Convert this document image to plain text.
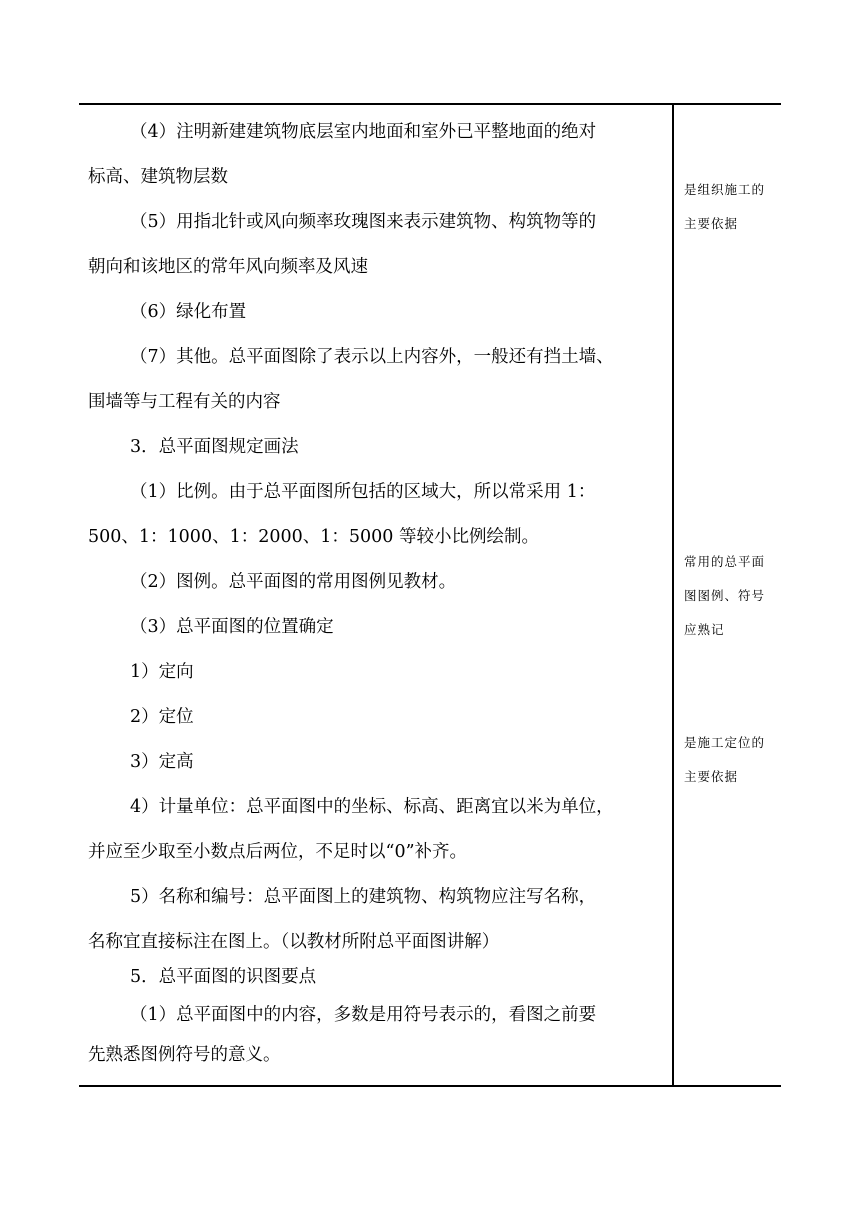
（4）注明新建建筑物底层室内地面和室外已平整地面的绝对
标高、建筑物层数
（5）用指北针或风向频率玫瑰图来表示建筑物、构筑物等的
朝向和该地区的常年风向频率及风速
（6）绿化布置
（7）其他。总平面图除了表示以上内容外，一般还有挡土墙、
围墙等与工程有关的内容
3．总平面图规定画法
（1）比例。由于总平面图所包括的区域大，所以常采用 1：
500、1：1000、1：2000、1：5000 等较小比例绘制。
（2）图例。总平面图的常用图例见教材。
（3）总平面图的位置确定
1）定向
2）定位
3）定高
4）计量单位：总平面图中的坐标、标高、距离宜以米为单位，
并应至少取至小数点后两位，不足时以“0”补齐。
5）名称和编号：总平面图上的建筑物、构筑物应注写名称，
名称宜直接标注在图上。（以教材所附总平面图讲解）
5．总平面图的识图要点
（1）总平面图中的内容，多数是用符号表示的，看图之前要
先熟悉图例符号的意义。
是组织施工的
主要依据
常用的总平面
图图例、符号
应熟记
是施工定位的
主要依据
